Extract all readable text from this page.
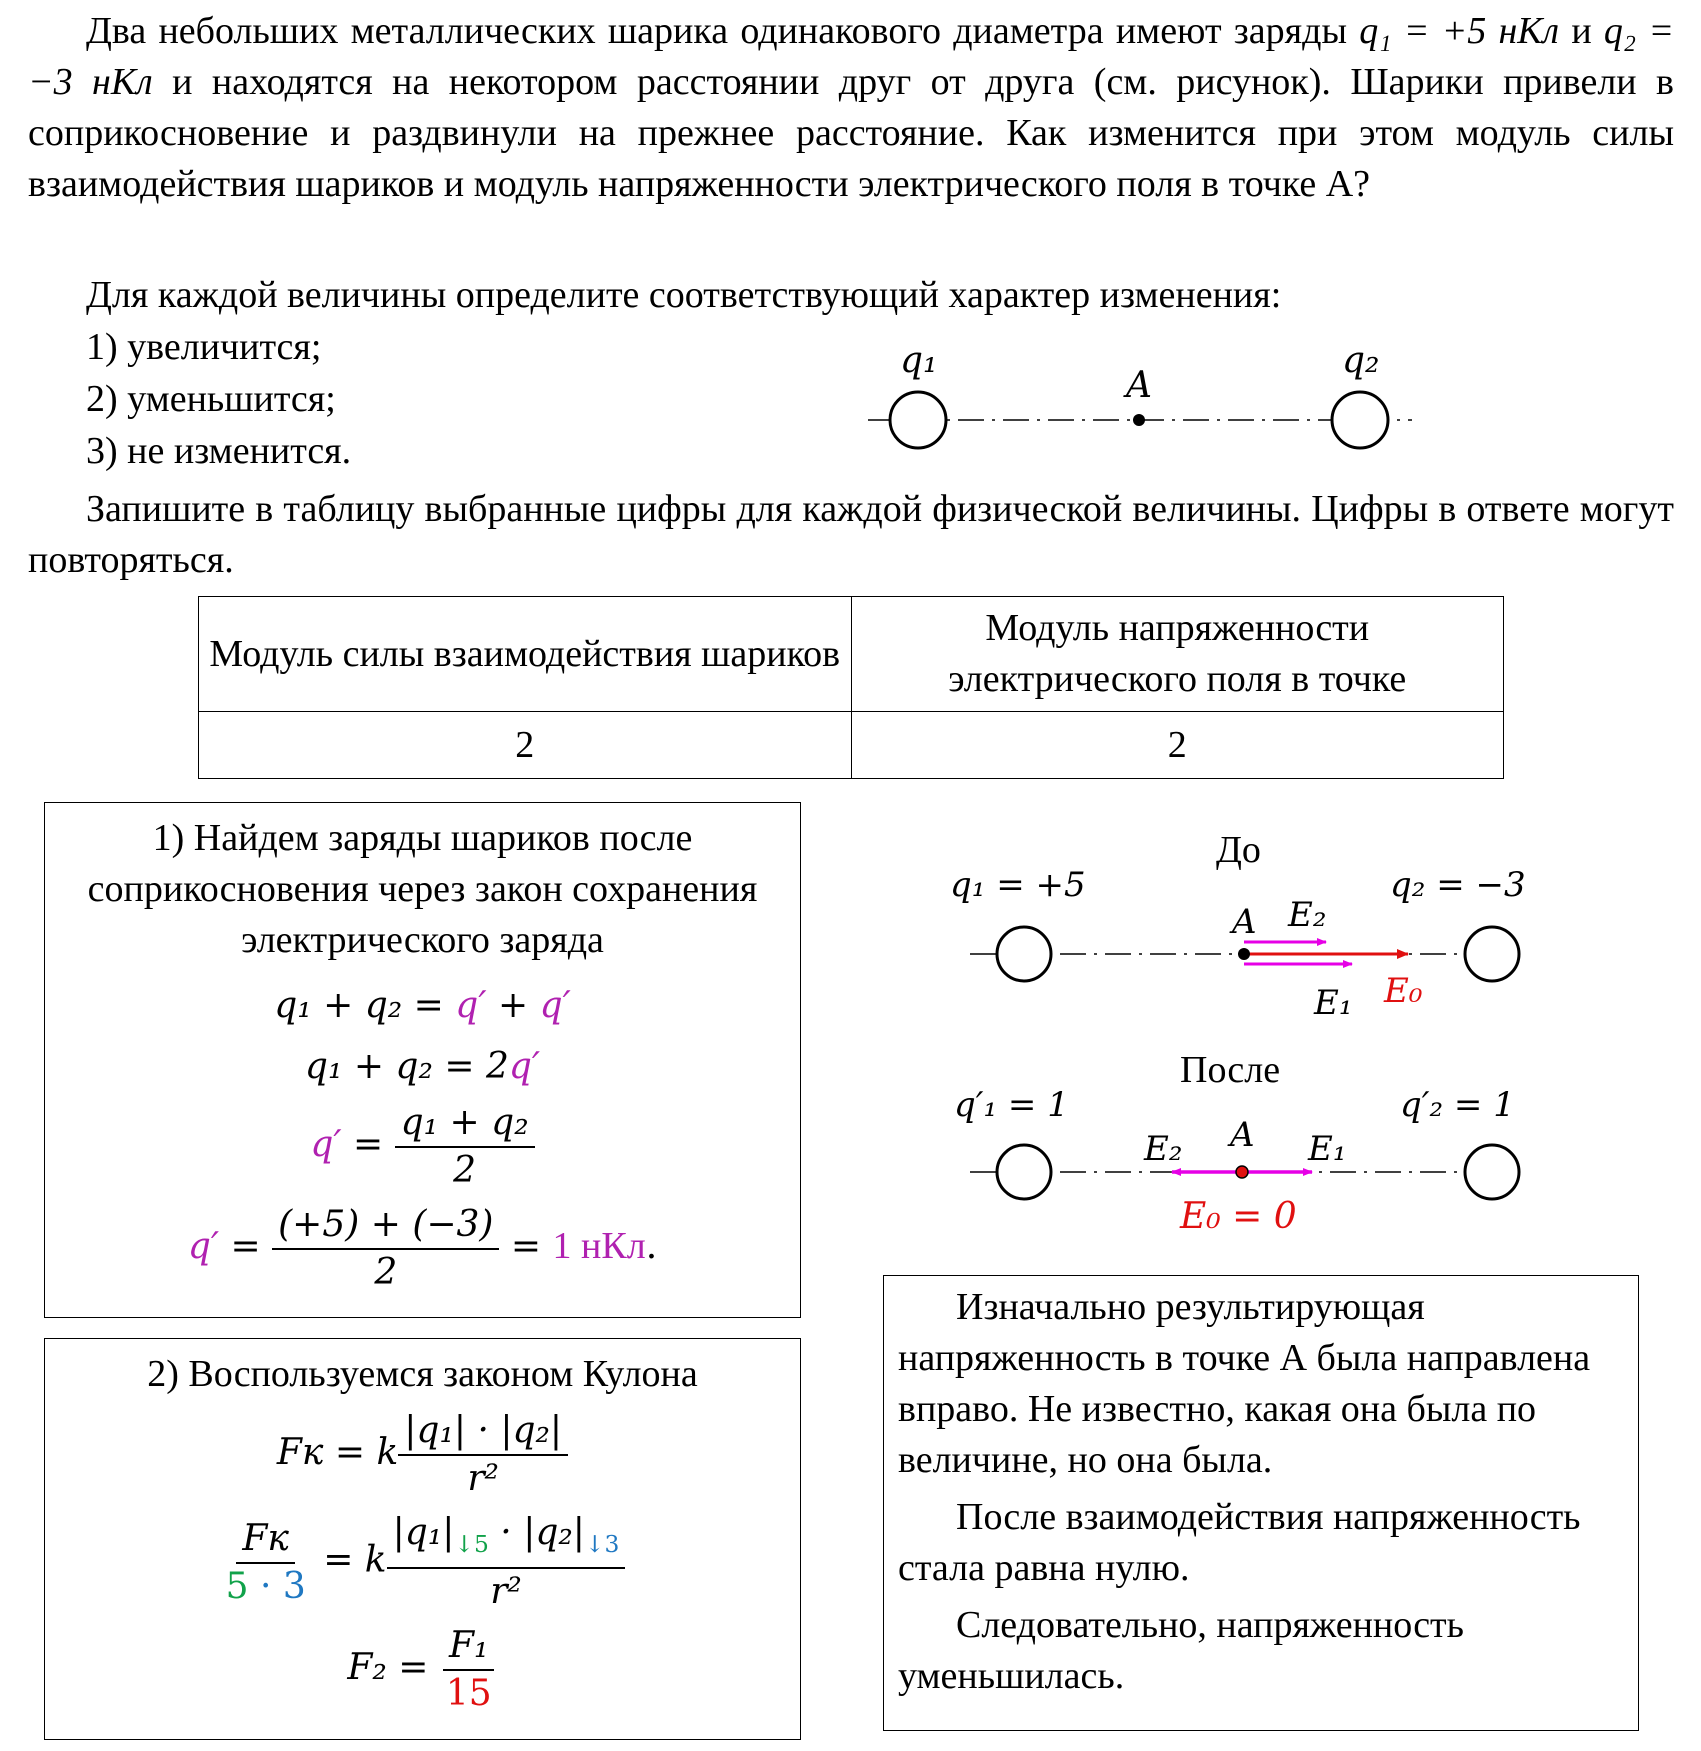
Два небольших металлических шарика одинакового диаметра имеют заряды q₁ = +5 нКл и q₂ = −3 нКл и находятся на некотором расстоянии друг от друга (см. рисунок). Шарики привели в соприкосновение и раздвинули на прежнее расстояние. Как изменится при этом модуль силы взаимодействия шариков и модуль напряженности электрического поля в точке А?
Для каждой величины определите соответствующий характер изменения:
1) увеличится;
2) уменьшится;
3) не изменится.
Запишите в таблицу выбранные цифры для каждой физической величины. Цифры в ответе могут повторяться.
q₁	q₂
A
Модуль силы взаимодействия шариков	Модуль напряженности электрического поля в точке
2	2
1) Найдем заряды шариков после соприкосновения через закон сохранения электрического заряда
q₁ + q₂ = q′ + q′
q₁ + q₂ = 2q′
$q' = \frac{\text{q₁ + q₂}}{2}$
$q' = \frac{(+5) + (-3)}{2} = 1$ нКл.
2) Воспользуемся законом Кулона
Fк = k $\frac{\text{|q₁| · |q₂|}}{\text{r²}}$
$\frac{Fк}{5 \cdot 3} = k \frac{|q_1|_{↓5} \cdot |q_2|_{↓3}}{\text{r²}}$
$F_2 = \frac{\text{F₁}}{15}$
До
q₁ = +5	q₂ = −3
A E₂
E₁ E₀
После
q′₁ = 1	q′₂ = 1
A
E₂	E₁
E₀ = 0
Изначально результирующая напряженность в точке А была направлена вправо. Не известно, какая она была по величине, но она была.
После взаимодействия напряженность стала равна нулю.
Следовательно, напряженность уменьшилась.
